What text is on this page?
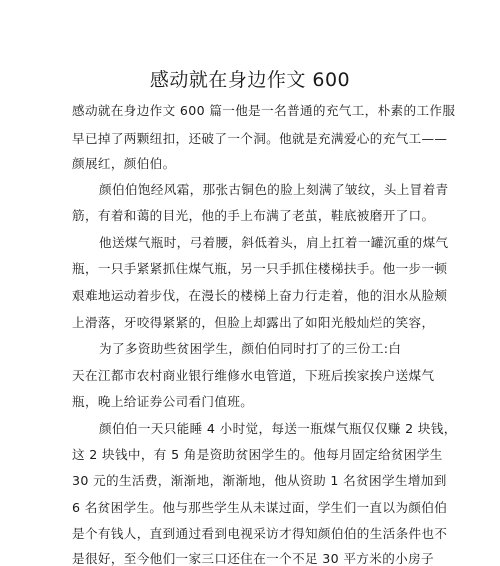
感动就在身边作文 600
感动就在身边作文 600 篇一他是一名普通的充气工，朴素的工作服
早已掉了两颗纽扣，还破了一个洞。他就是充满爱心的充气工——
颜展红，颜伯伯。
颜伯伯饱经风霜，那张古铜色的脸上刻满了皱纹，头上冒着青
筋，有着和蔼的目光，他的手上布满了老茧，鞋底被磨开了口。
他送煤气瓶时，弓着腰，斜低着头，肩上扛着一罐沉重的煤气
瓶，一只手紧紧抓住煤气瓶，另一只手抓住楼梯扶手。他一步一顿
艰难地运动着步伐，在漫长的楼梯上奋力行走着，他的泪水从脸颊
上滑落，牙咬得紧紧的，但脸上却露出了如阳光般灿烂的笑容，
为了多资助些贫困学生，颜伯伯同时打了的三份工:白
天在江都市农村商业银行维修水电管道，下班后挨家挨户送煤气
瓶，晚上给证券公司看门值班。
颜伯伯一天只能睡 4 小时觉，每送一瓶煤气瓶仅仅赚 2 块钱，
这 2 块钱中，有 5 角是资助贫困学生的。他每月固定给贫困学生
30 元的生活费，渐渐地，渐渐地，他从资助 1 名贫困学生增加到
6 名贫困学生。他与那些学生从未谋过面，学生们一直以为颜伯伯
是个有钱人，直到通过看到电视采访才得知颜伯伯的生活条件也不
是很好，至今他们一家三口还住在一个不足 30 平方米的小房子
